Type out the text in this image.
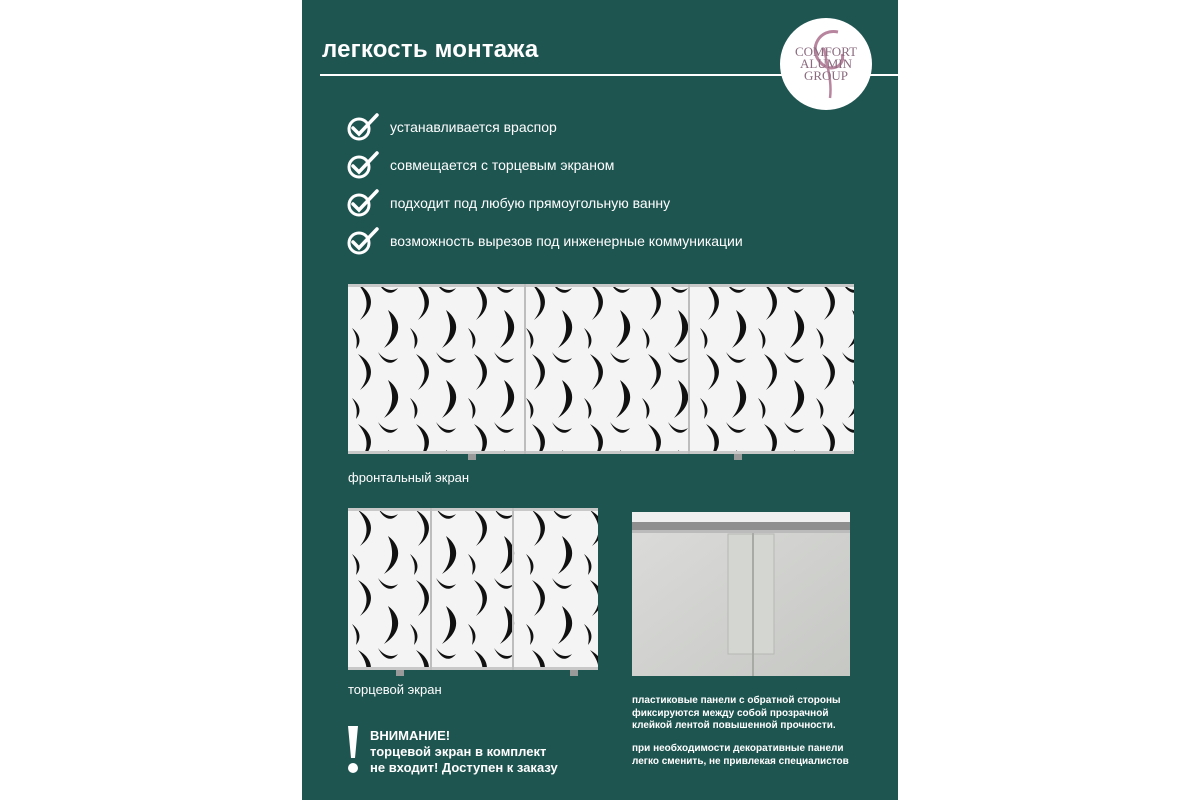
легкость монтажа	COMFORT
ALUMIN
GROUP
устанавливается враспор
совмещается с торцевым экраном
подходит под любую прямоугольную ванну
возможность вырезов под инженерные коммуникации
фронтальный экран
торцевой экран
ВНИМАНИЕ!
торцевой экран в комплект
не входит! Доступен к заказу
пластиковые панели с обратной стороны
фиксируются между собой прозрачной
клейкой лентой повышенной прочности.
при необходимости декоративные панели
легко сменить, не привлекая специалистов
